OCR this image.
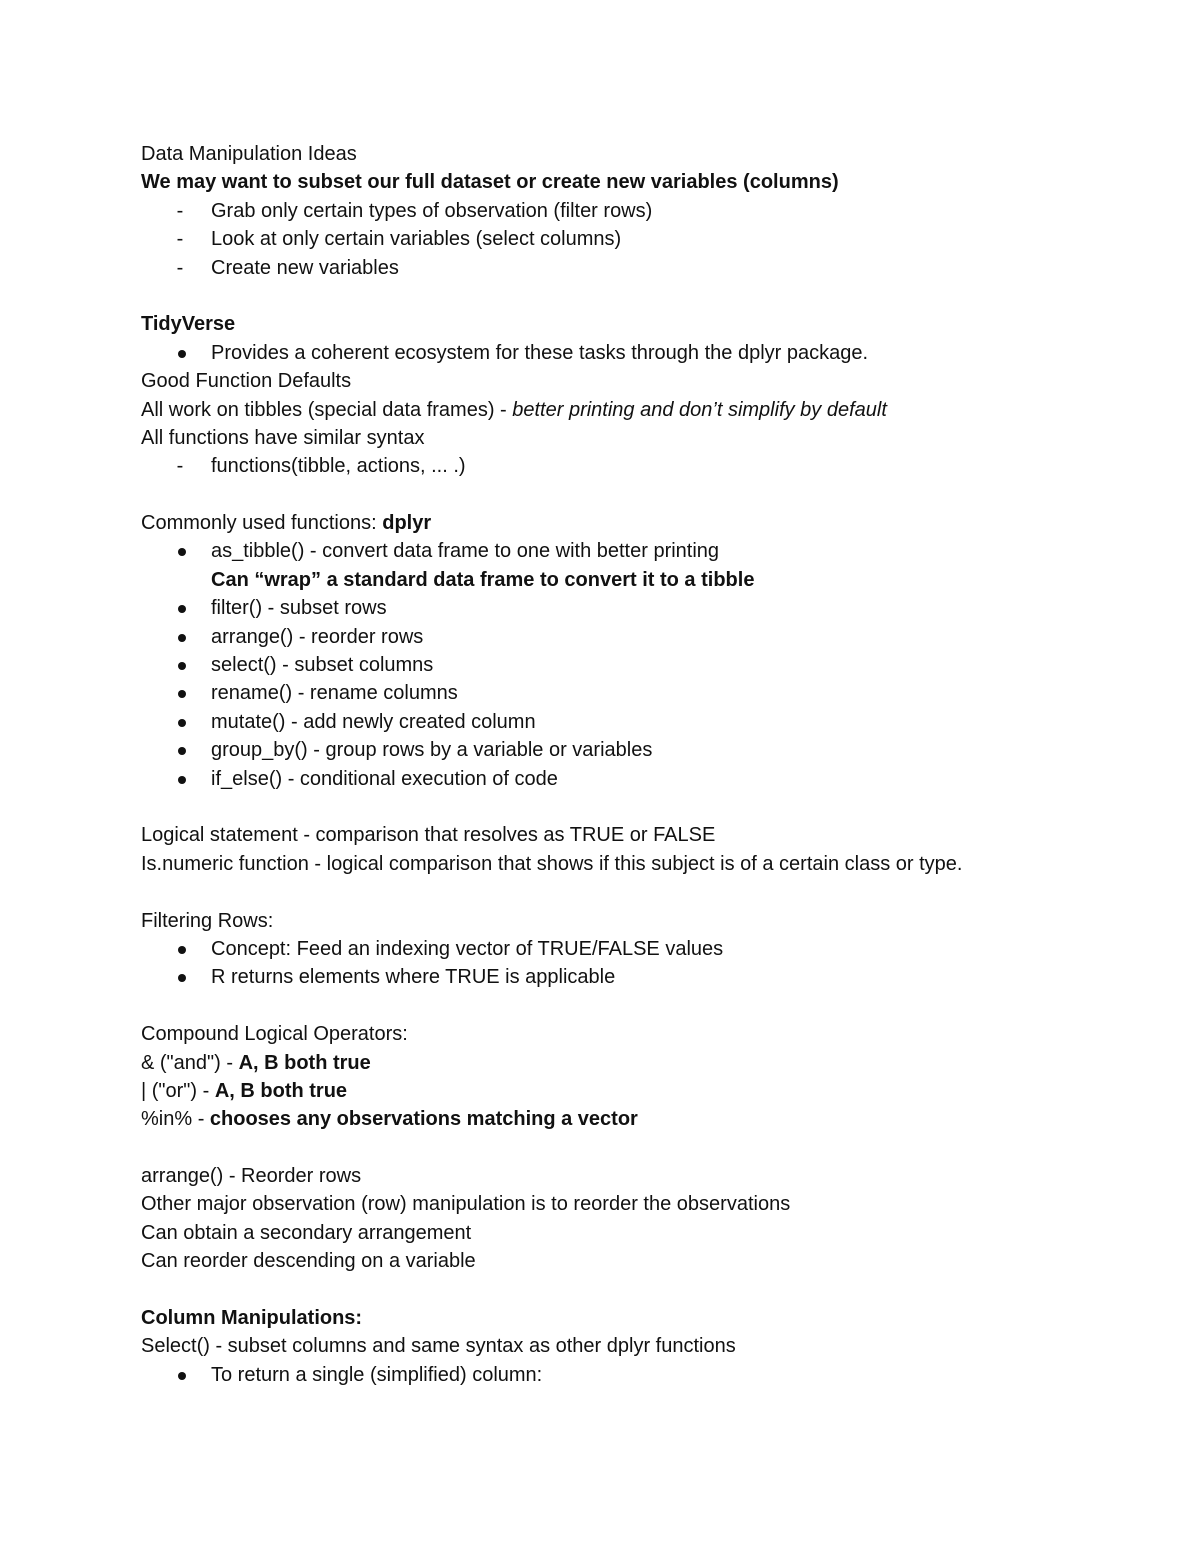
Data Manipulation Ideas
We may want to subset our full dataset or create new variables (columns)
- Grab only certain types of observation (filter rows)
- Look at only certain variables (select columns)
- Create new variables
TidyVerse
Provides a coherent ecosystem for these tasks through the dplyr package.
Good Function Defaults
All work on tibbles (special data frames) - better printing and don’t simplify by default
All functions have similar syntax
- functions(tibble, actions, ... .)
Commonly used functions: dplyr
as_tibble() - convert data frame to one with better printing
Can “wrap” a standard data frame to convert it to a tibble
filter() - subset rows
arrange() - reorder rows
select() - subset columns
rename() - rename columns
mutate() - add newly created column
group_by() - group rows by a variable or variables
if_else() - conditional execution of code
Logical statement - comparison that resolves as TRUE or FALSE
Is.numeric function - logical comparison that shows if this subject is of a certain class or type.
Filtering Rows:
Concept: Feed an indexing vector of TRUE/FALSE values
R returns elements where TRUE is applicable
Compound Logical Operators:
& ("and") - A, B both true
| ("or") - A, B both true
%in% - chooses any observations matching a vector
arrange() - Reorder rows
Other major observation (row) manipulation is to reorder the observations
Can obtain a secondary arrangement
Can reorder descending on a variable
Column Manipulations:
Select() - subset columns and same syntax as other dplyr functions
To return a single (simplified) column:
